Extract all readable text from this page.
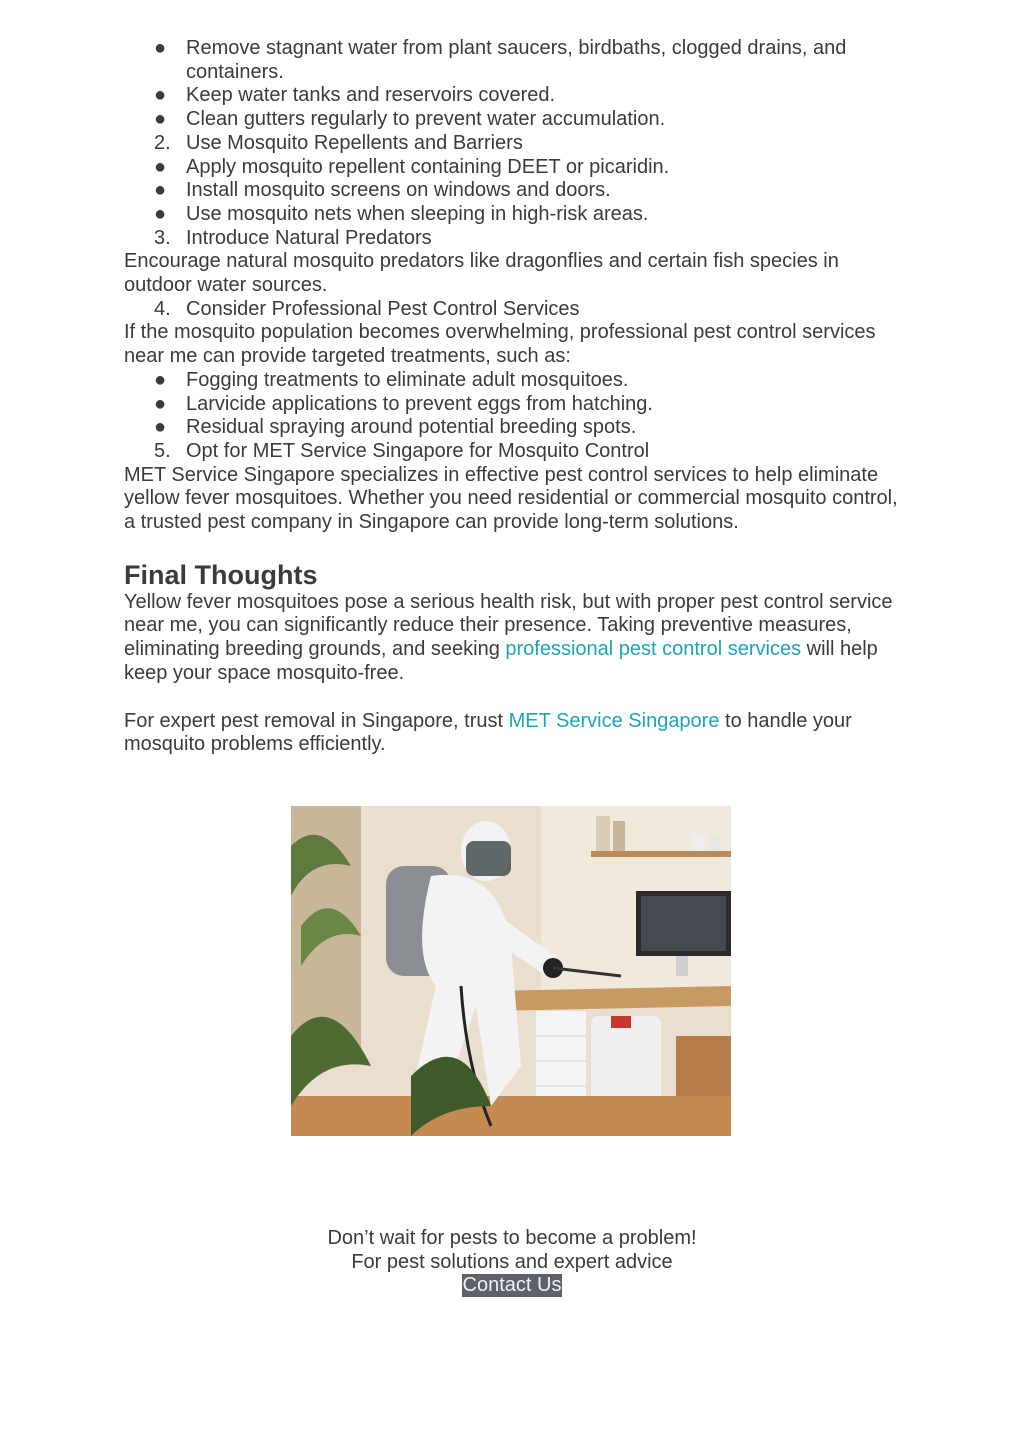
● Remove stagnant water from plant saucers, birdbaths, clogged drains, and containers.
● Keep water tanks and reservoirs covered.
● Clean gutters regularly to prevent water accumulation.
2. Use Mosquito Repellents and Barriers
● Apply mosquito repellent containing DEET or picaridin.
● Install mosquito screens on windows and doors.
● Use mosquito nets when sleeping in high-risk areas.
3. Introduce Natural Predators

Encourage natural mosquito predators like dragonflies and certain fish species in outdoor water sources.

4. Consider Professional Pest Control Services

If the mosquito population becomes overwhelming, professional pest control services near me can provide targeted treatments, such as:

● Fogging treatments to eliminate adult mosquitoes.
● Larvicide applications to prevent eggs from hatching.
● Residual spraying around potential breeding spots.
5. Opt for MET Service Singapore for Mosquito Control

MET Service Singapore specializes in effective pest control services to help eliminate yellow fever mosquitoes. Whether you need residential or commercial mosquito control, a trusted pest company in Singapore can provide long-term solutions.

Final Thoughts

Yellow fever mosquitoes pose a serious health risk, but with proper pest control service near me, you can significantly reduce their presence. Taking preventive measures, eliminating breeding grounds, and seeking professional pest control services will help keep your space mosquito-free.

For expert pest removal in Singapore, trust MET Service Singapore to handle your mosquito problems efficiently.

Don’t wait for pests to become a problem!

For pest solutions and expert advice

Contact Us
